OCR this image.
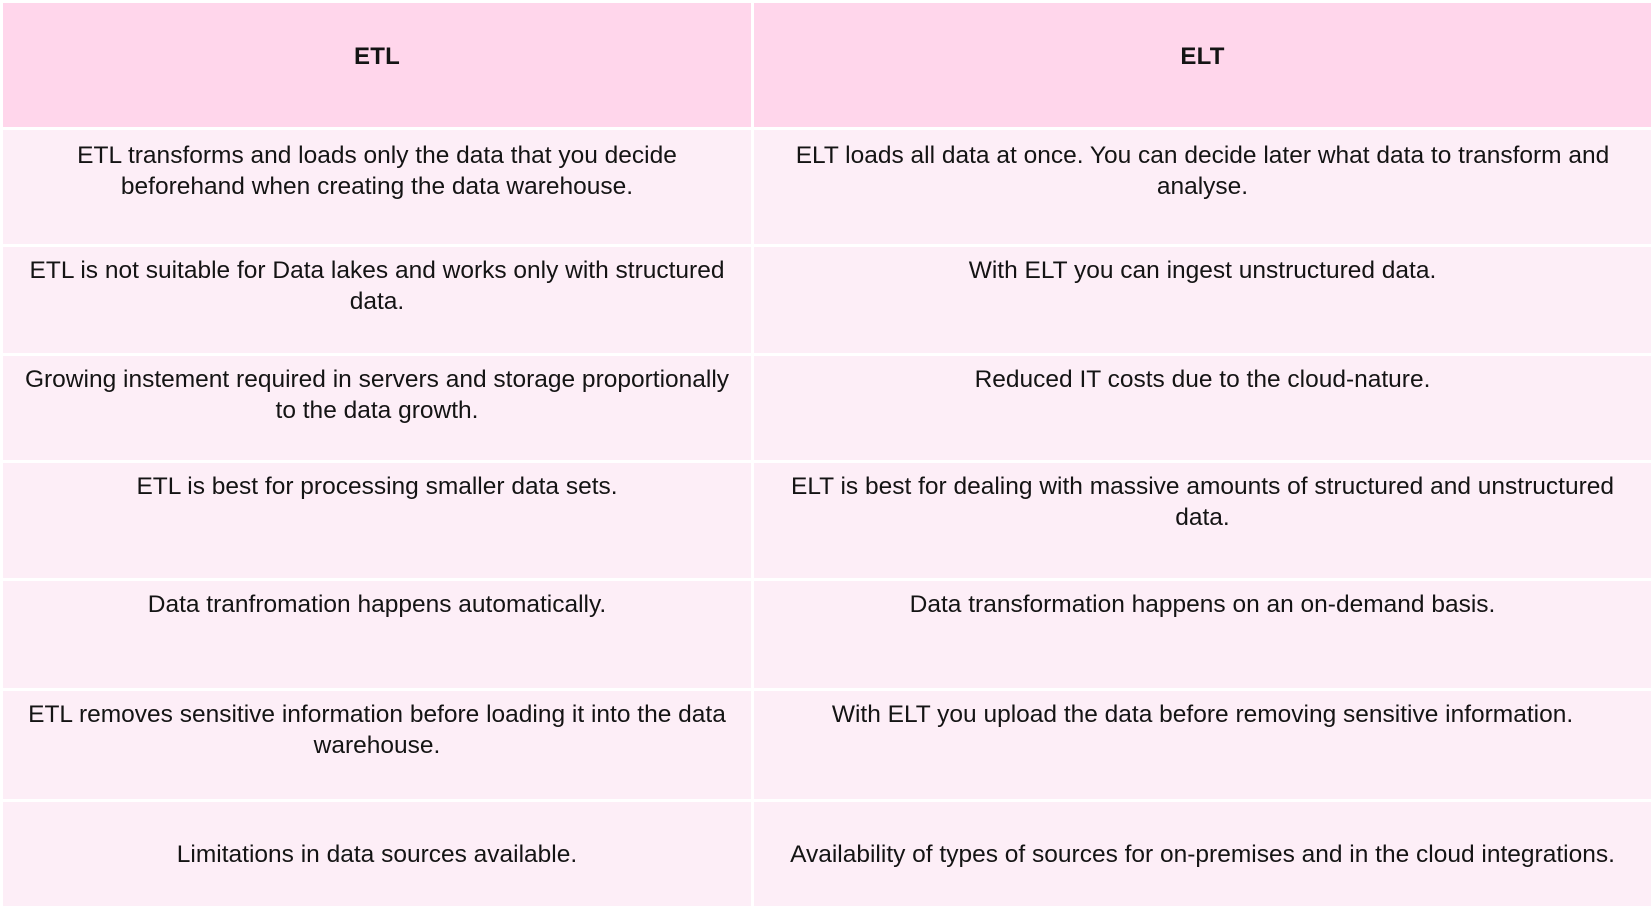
ETL	ELT
ETL transforms and loads only the data that you decide beforehand when creating the data warehouse.	ELT loads all data at once. You can decide later what data to transform and analyse.
ETL is not suitable for Data lakes and works only with structured data.	With ELT you can ingest unstructured data.
Growing instement required in servers and storage proportionally to the data growth.	Reduced IT costs due to the cloud-nature.
ETL is best for processing smaller data sets.	ELT is best for dealing with massive amounts of structured and unstructured data.
Data tranfromation happens automatically.	Data transformation happens on an on-demand basis.
ETL removes sensitive information before loading it into the data warehouse.	With ELT you upload the data before removing sensitive information.
Limitations in data sources available.	Availability of types of sources for on-premises and in the cloud integrations.
